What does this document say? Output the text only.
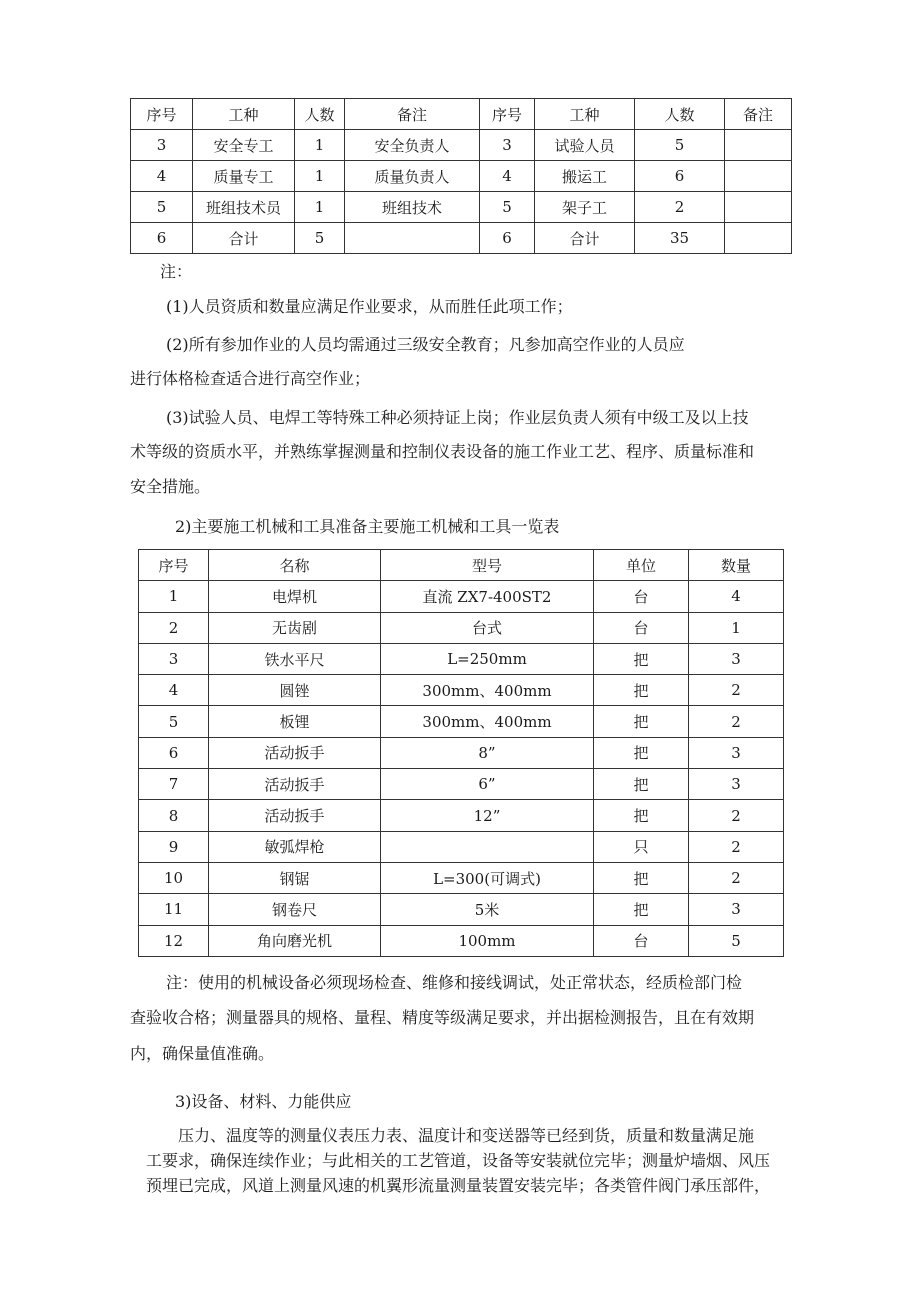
序号	工种	人数	备注	序号	工种	人数	备注
3	安全专工	1	安全负责人	3	试验人员	5	
4	质量专工	1	质量负责人	4	搬运工	6	
5	班组技术员	1	班组技术	5	架子工	2	
6	合计	5		6	合计	35	
注：
(1)人员资质和数量应满足作业要求，从而胜任此项工作；
(2)所有参加作业的人员均需通过三级安全教育；凡参加高空作业的人员应
进行体格检查适合进行高空作业；
(3)试验人员、电焊工等特殊工种必须持证上岗；作业层负责人须有中级工及以上技
术等级的资质水平，并熟练掌握测量和控制仪表设备的施工作业工艺、程序、质量标准和
安全措施。
2)主要施工机械和工具准备主要施工机械和工具一览表
序号	名称	型号	单位	数量
1	电焊机	直流 ZX7-400ST2	台	4
2	无齿剧	台式	台	1
3	铁水平尺	L=250mm	把	3
4	圆锉	300mm、400mm	把	2
5	板锂	300mm、400mm	把	2
6	活动扳手	8”	把	3
7	活动扳手	6”	把	3
8	活动扳手	12”	把	2
9	敏弧焊枪		只	2
10	钢锯	L=300(可调式)	把	2
11	钢卷尺	5米	把	3
12	角向磨光机	100mm	台	5
注：使用的机械设备必须现场检查、维修和接线调试，处正常状态，经质检部门检
查验收合格；测量器具的规格、量程、精度等级满足要求，并出据检测报告，且在有效期
内，确保量值准确。
3)设备、材料、力能供应
压力、温度等的测量仪表压力表、温度计和变送器等已经到货，质量和数量满足施
工要求，确保连续作业；与此相关的工艺管道，设备等安装就位完毕；测量炉墙烟、风压
预埋已完成，风道上测量风速的机翼形流量测量装置安装完毕；各类管件阀门承压部件，
